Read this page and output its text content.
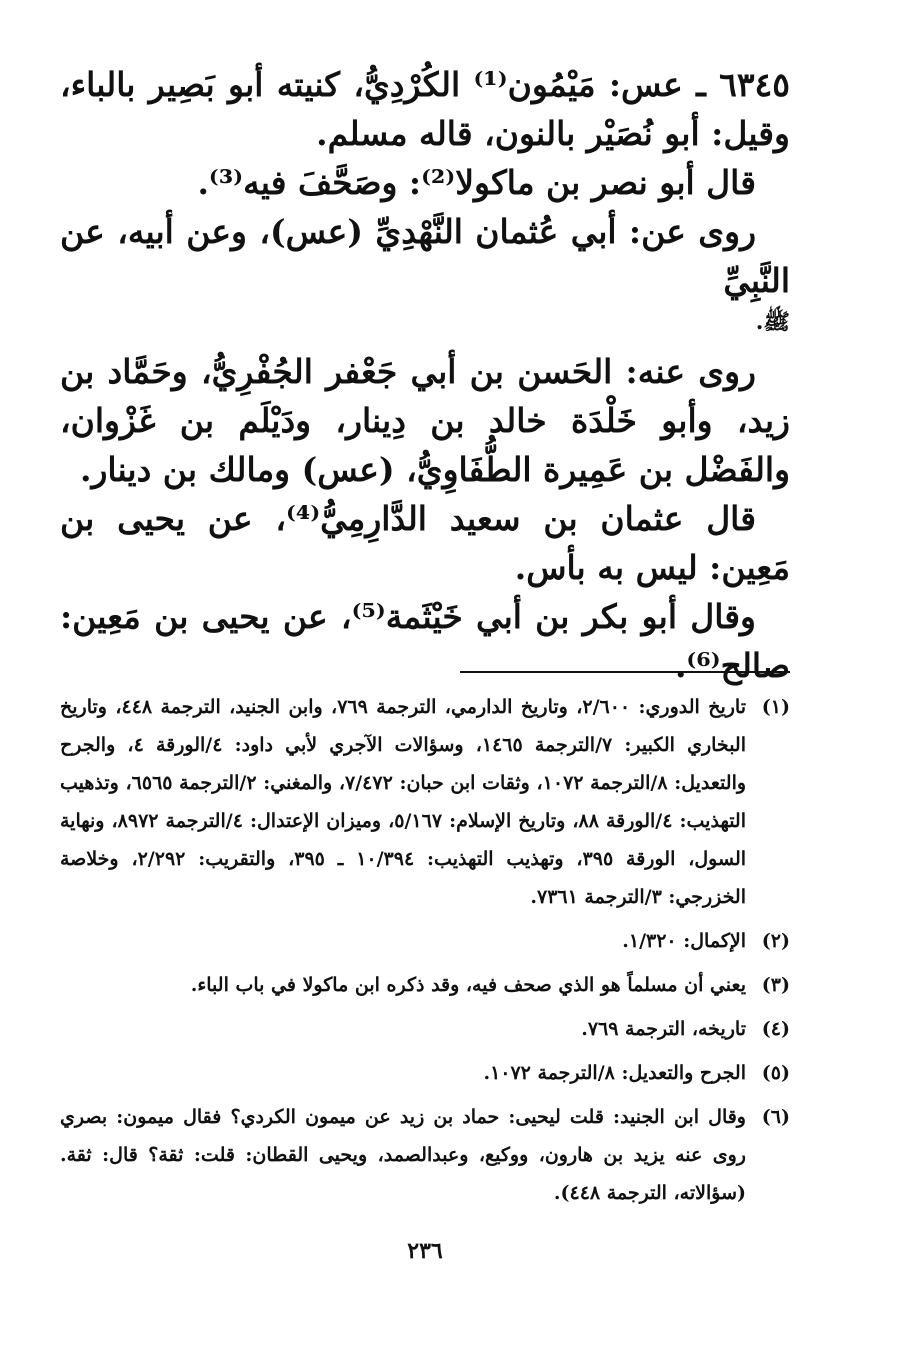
٦٣٤٥ ـ عس: مَيْمُون⁽¹⁾ الكُرْدِيُّ، كنيته أبو بَصِير بالباء، وقيل: أبو نُصَيْر بالنون، قاله مسلم.

قال أبو نصر بن ماكولا⁽²⁾: وصَحَّفَ فيه⁽³⁾.

روى عن: أبي عُثمان النَّهْدِيِّ (عس)، وعن أبيه، عن النَّبِيِّ

ﷺ.

روى عنه: الحَسن بن أبي جَعْفر الجُفْرِيُّ، وحَمَّاد بن زيد، وأبو خَلْدَة خالد بن دِينار، ودَيْلَم بن غَزْوان، والفَضْل بن عَمِيرة الطُّفَاوِيُّ، (عس) ومالك بن دينار.

قال عثمان بن سعيد الدَّارِمِيُّ⁽⁴⁾، عن يحيى بن مَعِين: ليس به بأس.

وقال أبو بكر بن أبي خَيْثَمة⁽⁵⁾، عن يحيى بن مَعِين: صالح⁽⁶⁾.

(١)
تاريخ الدوري: ٢/٦٠٠، وتاريخ الدارمي، الترجمة ٧٦٩، وابن الجنيد، الترجمة ٤٤٨، وتاريخ البخاري الكبير: ٧/الترجمة ١٤٦٥، وسؤالات الآجري لأبي داود: ٤/الورقة ٤، والجرح والتعديل: ٨/الترجمة ١٠٧٢، وثقات ابن حبان: ٧/٤٧٢، والمغني: ٢/الترجمة ٦٥٦٥، وتذهيب التهذيب: ٤/الورقة ٨٨، وتاريخ الإسلام: ٥/١٦٧، وميزان الإعتدال: ٤/الترجمة ٨٩٧٢، ونهاية السول، الورقة ٣٩٥، وتهذيب التهذيب: ١٠/٣٩٤ ـ ٣٩٥، والتقريب: ٢/٢٩٢، وخلاصة الخزرجي: ٣/الترجمة ٧٣٦١.
(٢)
الإكمال: ١/٣٢٠.
(٣)
يعني أن مسلماً هو الذي صحف فيه، وقد ذكره ابن ماكولا في باب الباء.
(٤)
تاريخه، الترجمة ٧٦٩.
(٥)
الجرح والتعديل: ٨/الترجمة ١٠٧٢.
(٦)
وقال ابن الجنيد: قلت ليحيى: حماد بن زيد عن ميمون الكردي؟ فقال ميمون: بصري روى عنه يزيد بن هارون، ووكيع، وعبدالصمد، ويحيى القطان: قلت: ثقة؟ قال: ثقة. (سؤالاته، الترجمة ٤٤٨).
٢٣٦
